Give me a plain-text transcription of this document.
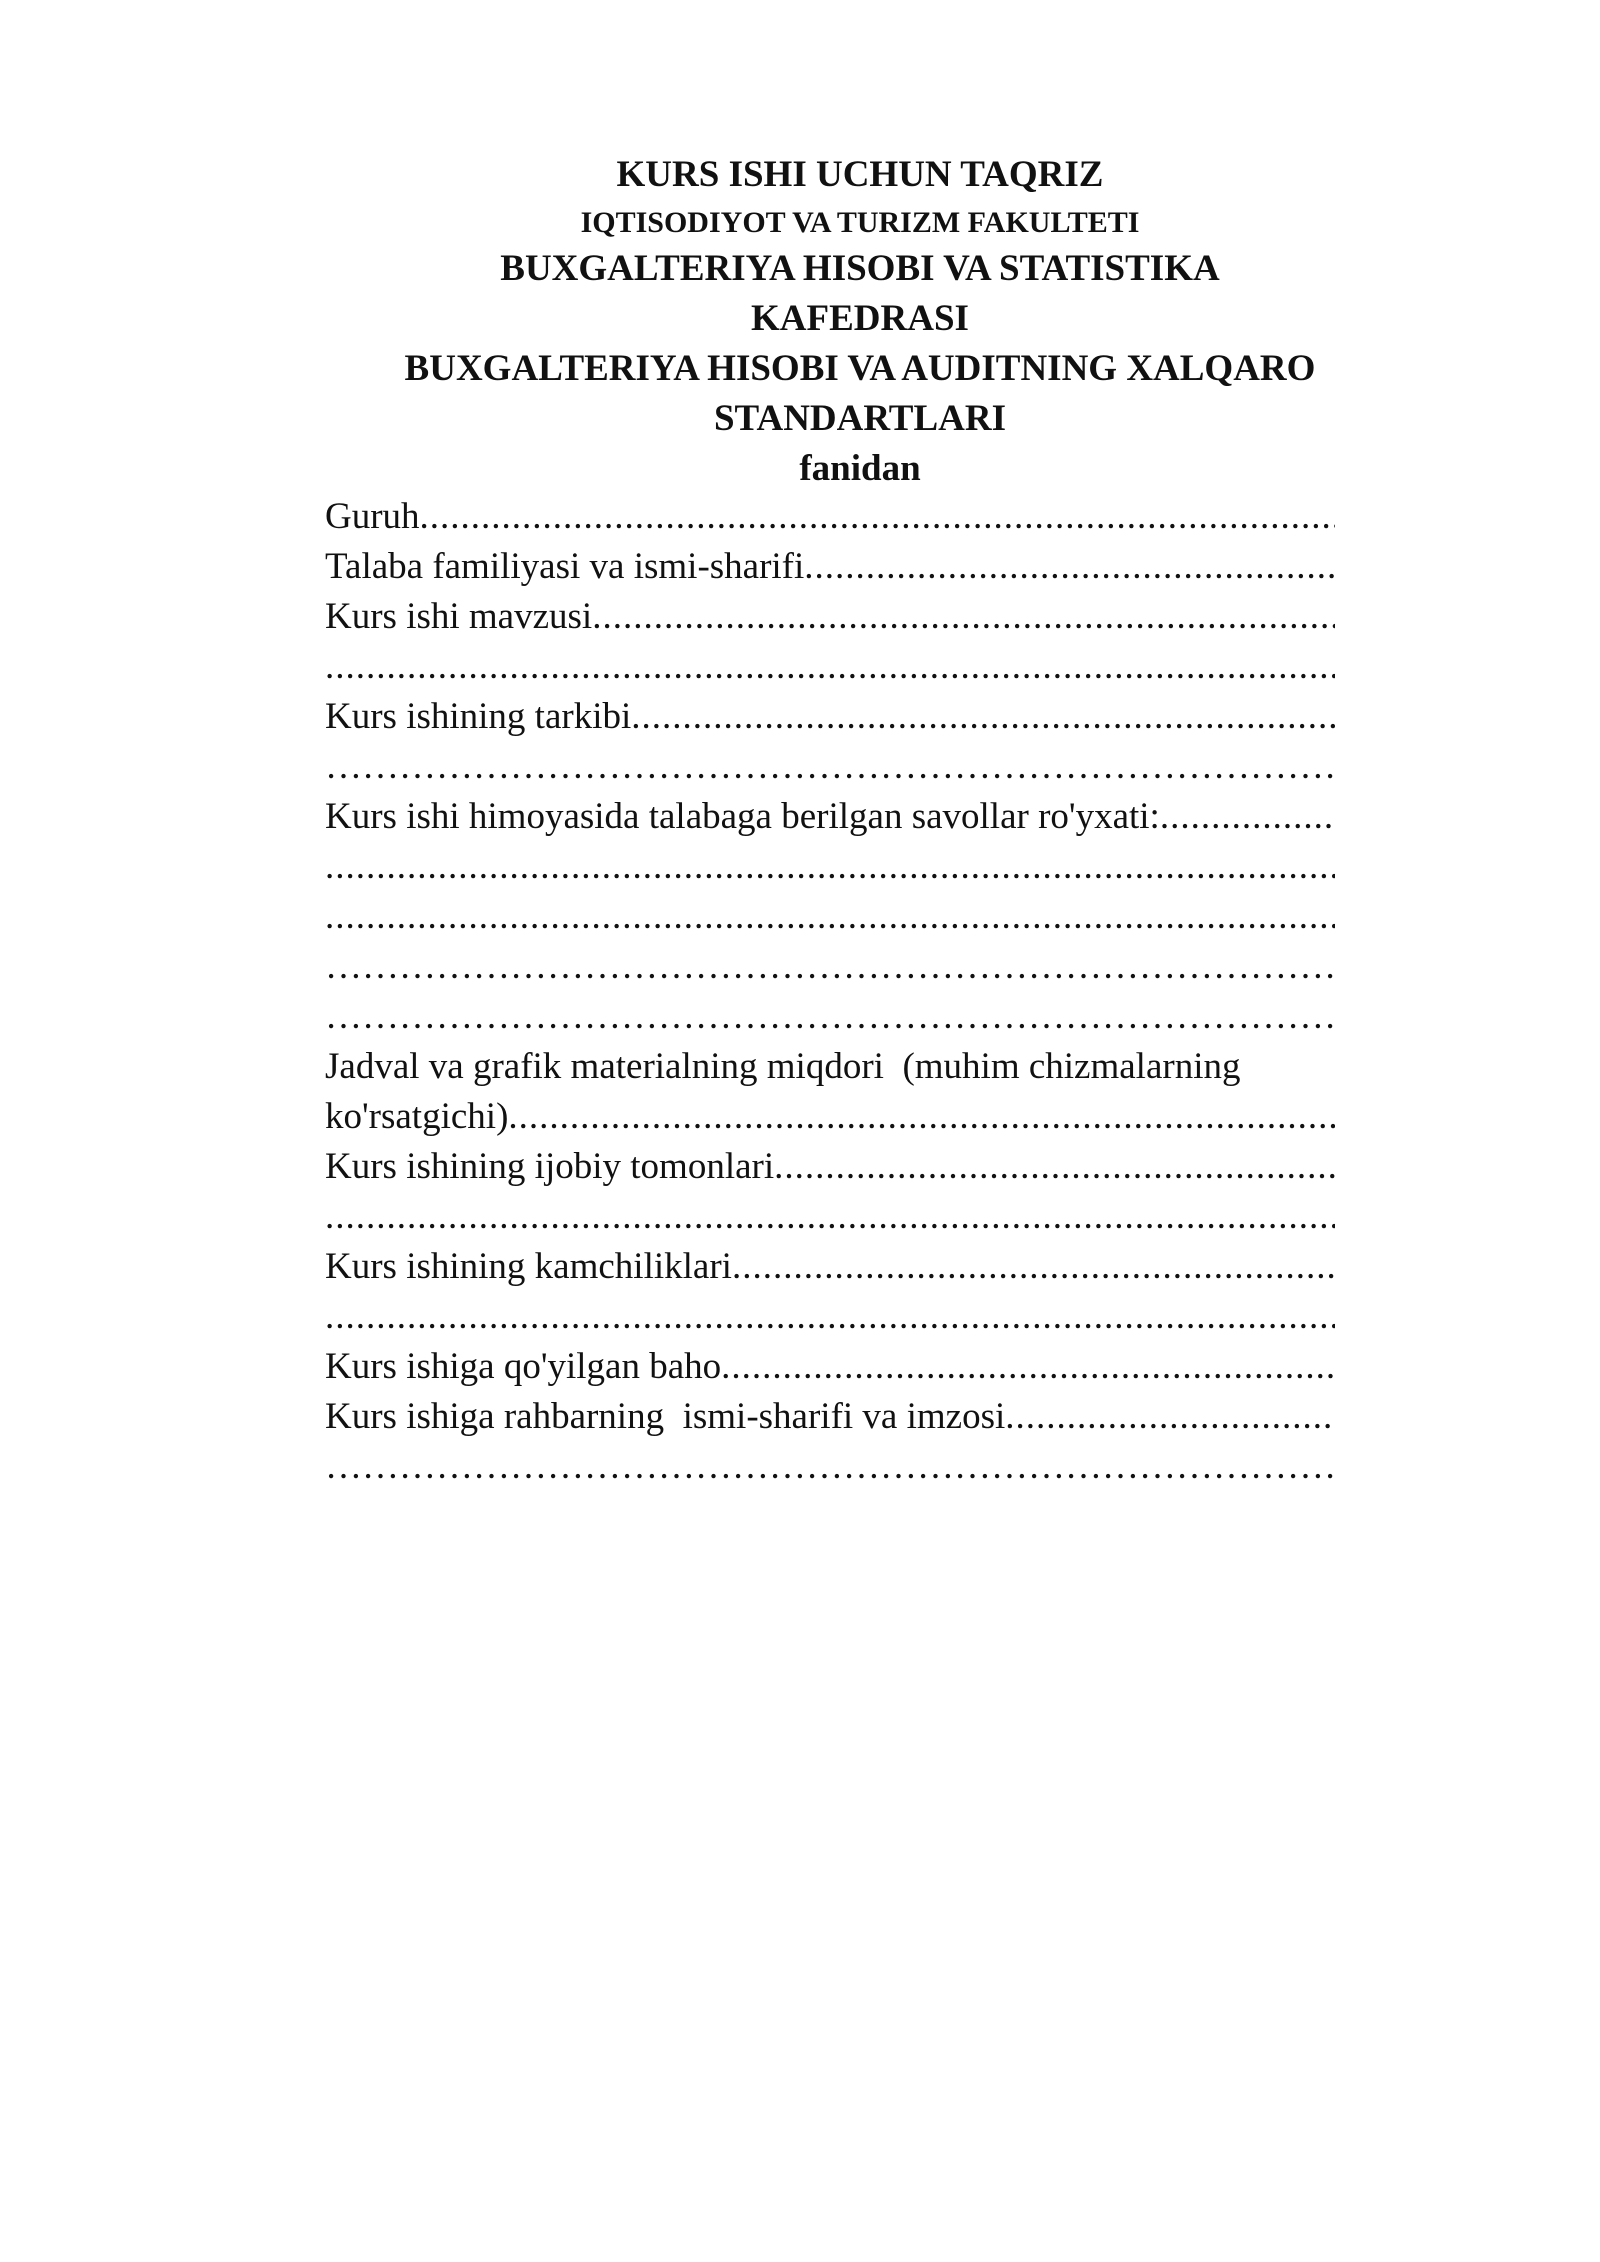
KURS ISHI UCHUN TAQRIZ
IQTISODIYOT VA TURIZM FAKULTETI
BUXGALTERIYA HISOBI VA STATISTIKA
KAFEDRASI
BUXGALTERIYA HISOBI VA AUDITNING XALQARO
STANDARTLARI
fanidan
Guruh
.....
Talaba familiyasi va ismi-sharifi
.....
Kurs ishi mavzusi
.....
.....
Kurs ishining tarkibi
.....
……………………………………………………………………………………………………………………………………………………
Kurs ishi himoyasida talabaga berilgan savollar ro'yxati:
.....
.....
.....
……………………………………………………………………………………………………………………………………………………
……………………………………………………………………………………………………………………………………………………
Jadval va grafik materialning miqdori  (muhim chizmalarning
ko'rsatgichi)
.....
Kurs ishining ijobiy tomonlari
.....
.....
Kurs ishining kamchiliklari
.....
.....
Kurs ishiga qo'yilgan baho
.....
Kurs ishiga rahbarning  ismi-sharifi va imzosi
.....
……………………………………………………………………………………………………………………………………………………
